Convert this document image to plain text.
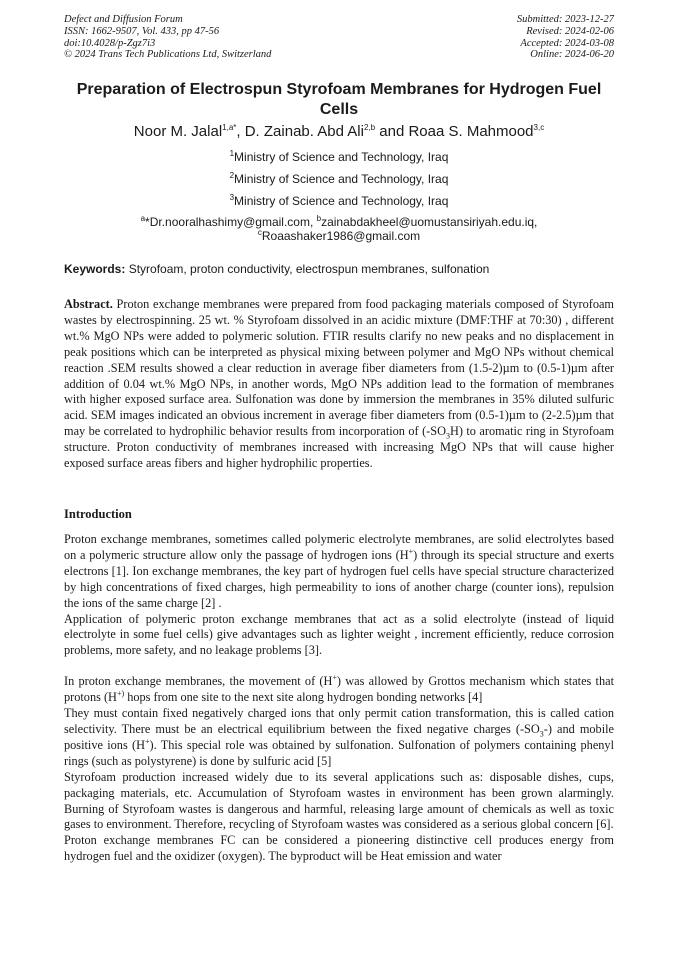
Defect and Diffusion Forum
ISSN: 1662-9507, Vol. 433, pp 47-56
doi:10.4028/p-Zgz7i3
© 2024 Trans Tech Publications Ltd, Switzerland
Submitted: 2023-12-27
Revised: 2024-02-06
Accepted: 2024-03-08
Online: 2024-06-20
Preparation of Electrospun Styrofoam Membranes for Hydrogen Fuel
Cells
Noor M. Jalal$^{1,a*}$, D. Zainab. Abd Ali$^{2,b}$ and Roaa S. Mahmood$^{3,c}$
$^1$Ministry of Science and Technology, Iraq
$^2$Ministry of Science and Technology, Iraq
$^3$Ministry of Science and Technology, Iraq
$^a$*Dr.nooralhashimy@gmail.com, $^b$zainabdakheel@uomustansiriyah.edu.iq,
$^c$Roaashaker1986@gmail.com
Keywords: Styrofoam, proton conductivity, electrospun membranes, sulfonation
Abstract. Proton exchange membranes were prepared from food packaging materials composed of Styrofoam wastes by electrospinning. 25 wt. % Styrofoam dissolved in an acidic mixture (DMF:THF at 70:30) , different wt.% MgO NPs were added to polymeric solution. FTIR results clarify no new peaks and no displacement in peak positions which can be interpreted as physical mixing between polymer and MgO NPs without chemical reaction .SEM results showed a clear reduction in average fiber diameters from (1.5-2)µm to (0.5-1)µm after addition of 0.04 wt.% MgO NPs, in another words, MgO NPs addition lead to the formation of membranes with higher exposed surface area. Sulfonation was done by immersion the membranes in 35% diluted sulfuric acid. SEM images indicated an obvious increment in average fiber diameters from (0.5-1)µm to (2-2.5)µm that may be correlated to hydrophilic behavior results from incorporation of $(-SO_3H)$ to aromatic ring in Styrofoam structure. Proton conductivity of membranes increased with increasing MgO NPs that will cause higher exposed surface areas fibers and higher hydrophilic properties.
Introduction
Proton exchange membranes, sometimes called polymeric electrolyte membranes, are solid electrolytes based on a polymeric structure allow only the passage of hydrogen ions (H+) through its special structure and exerts electrons [1]. Ion exchange membranes, the key part of hydrogen fuel cells have special structure characterized by high concentrations of fixed charges, high permeability to ions of another charge (counter ions), repulsion the ions of the same charge [2] .
Application of polymeric proton exchange membranes that act as a solid electrolyte (instead of liquid electrolyte in some fuel cells) give advantages such as lighter weight , increment efficiently, reduce corrosion problems, more safety, and no leakage problems [3].
In proton exchange membranes, the movement of (H+) was allowed by Grottos mechanism which states that protons (H+) hops from one site to the next site along hydrogen bonding networks [4]
They must contain fixed negatively charged ions that only permit cation transformation, this is called cation selectivity. There must be an electrical equilibrium between the fixed negative charges $(-SO_3-)$ and mobile positive ions (H+). This special role was obtained by sulfonation. Sulfonation of polymers containing phenyl rings (such as polystyrene) is done by sulfuric acid [5]
Styrofoam production increased widely due to its several applications such as: disposable dishes, cups, packaging materials, etc. Accumulation of Styrofoam wastes in environment has been grown alarmingly. Burning of Styrofoam wastes is dangerous and harmful, releasing large amount of chemicals as well as toxic gases to environment. Therefore, recycling of Styrofoam wastes was considered as a serious global concern [6].
Proton exchange membranes FC can be considered a pioneering distinctive cell produces energy from hydrogen fuel and the oxidizer (oxygen). The byproduct will be Heat emission and water
